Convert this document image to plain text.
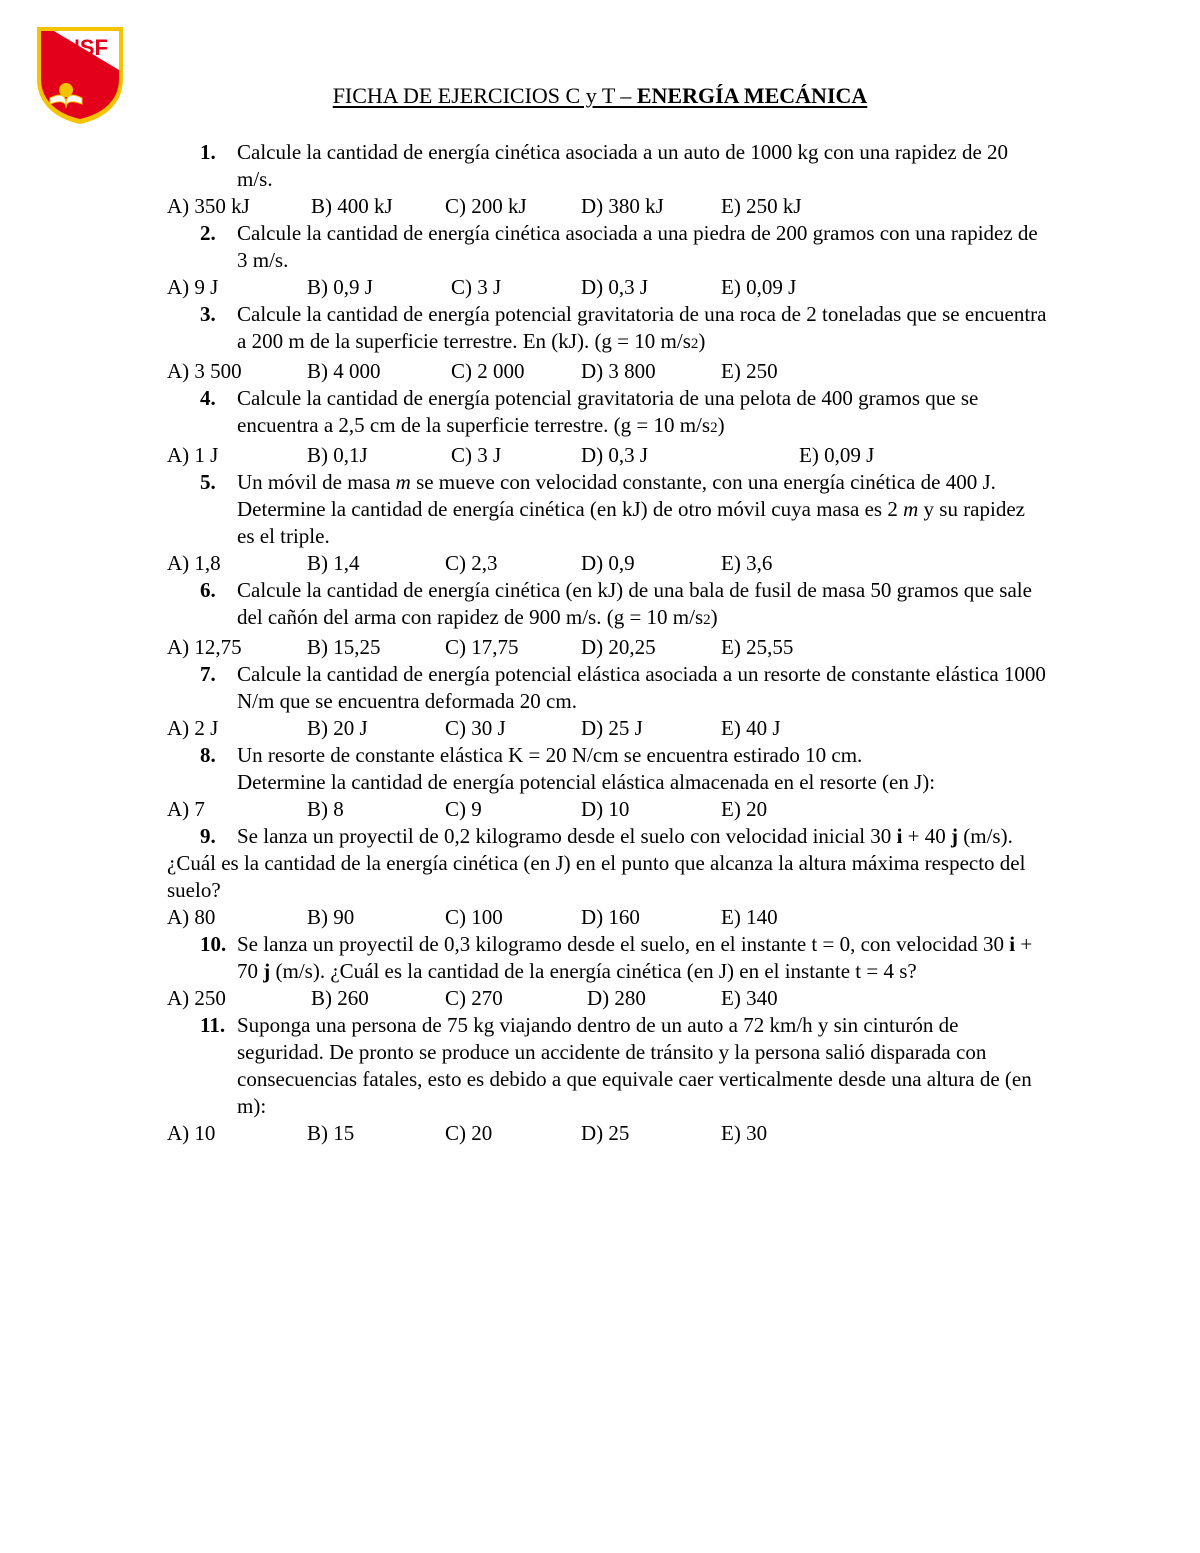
NSF
FICHA DE EJERCICIOS C y T – ENERGÍA MECÁNICA
1. Calcule la cantidad de energía cinética asociada a un auto de 1000 kg con una rapidez de 20 m/s.
A) 350 kJ	B) 400 kJ C) 200 kJ	D) 380 kJ	E) 250 kJ
2. Calcule la cantidad de energía cinética asociada a una piedra de 200 gramos con una rapidez de 3 m/s.
A) 9 J	B) 0,9 J	C) 3 J	D) 0,3 J	E) 0,09 J
3. Calcule la cantidad de energía potencial gravitatoria de una roca de 2 toneladas que se encuentra a 200 m de la superficie terrestre. En (kJ). (g = 10 m/s2)
A) 3 500	B) 4 000	C) 2 000	D) 3 800	E) 250
4. Calcule la cantidad de energía potencial gravitatoria de una pelota de 400 gramos que se encuentra a 2,5 cm de la superficie terrestre. (g = 10 m/s2)
A) 1 J	B) 0,1J	C) 3 J	D) 0,3 J	E) 0,09 J
5. Un móvil de masa m se mueve con velocidad constante, con una energía cinética de 400 J. Determine la cantidad de energía cinética (en kJ) de otro móvil cuya masa es 2 m y su rapidez es el triple.
A) 1,8	B) 1,4	C) 2,3	D) 0,9	E) 3,6
6. Calcule la cantidad de energía cinética (en kJ) de una bala de fusil de masa 50 gramos que sale del cañón del arma con rapidez de 900 m/s. (g = 10 m/s2)
A) 12,75	B) 15,25	C) 17,75	D) 20,25	E) 25,55
7. Calcule la cantidad de energía potencial elástica asociada a un resorte de constante elástica 1000 N/m que se encuentra deformada 20 cm.
A) 2 J	B) 20 J	C) 30 J	D) 25 J	E) 40 J
8. Un resorte de constante elástica K = 20 N/cm se encuentra estirado 10 cm.
Determine la cantidad de energía potencial elástica almacenada en el resorte (en J):
A) 7	B) 8	C) 9	D) 10	E) 20
9. Se lanza un proyectil de 0,2 kilogramo desde el suelo con velocidad inicial 30 i + 40 j (m/s). ¿Cuál es la cantidad de la energía cinética (en J) en el punto que alcanza la altura máxima respecto del suelo?
A) 80	B) 90	C) 100	D) 160	E) 140
10. Se lanza un proyectil de 0,3 kilogramo desde el suelo, en el instante t = 0, con velocidad 30 i + 70 j (m/s). ¿Cuál es la cantidad de la energía cinética (en J) en el instante t = 4 s?
A) 250	B) 260	C) 270	D) 280	E) 340
11. Suponga una persona de 75 kg viajando dentro de un auto a 72 km/h y sin cinturón de seguridad. De pronto se produce un accidente de tránsito y la persona salió disparada con consecuencias fatales, esto es debido a que equivale caer verticalmente desde una altura de (en m):
A) 10	B) 15	C) 20	D) 25	E) 30
